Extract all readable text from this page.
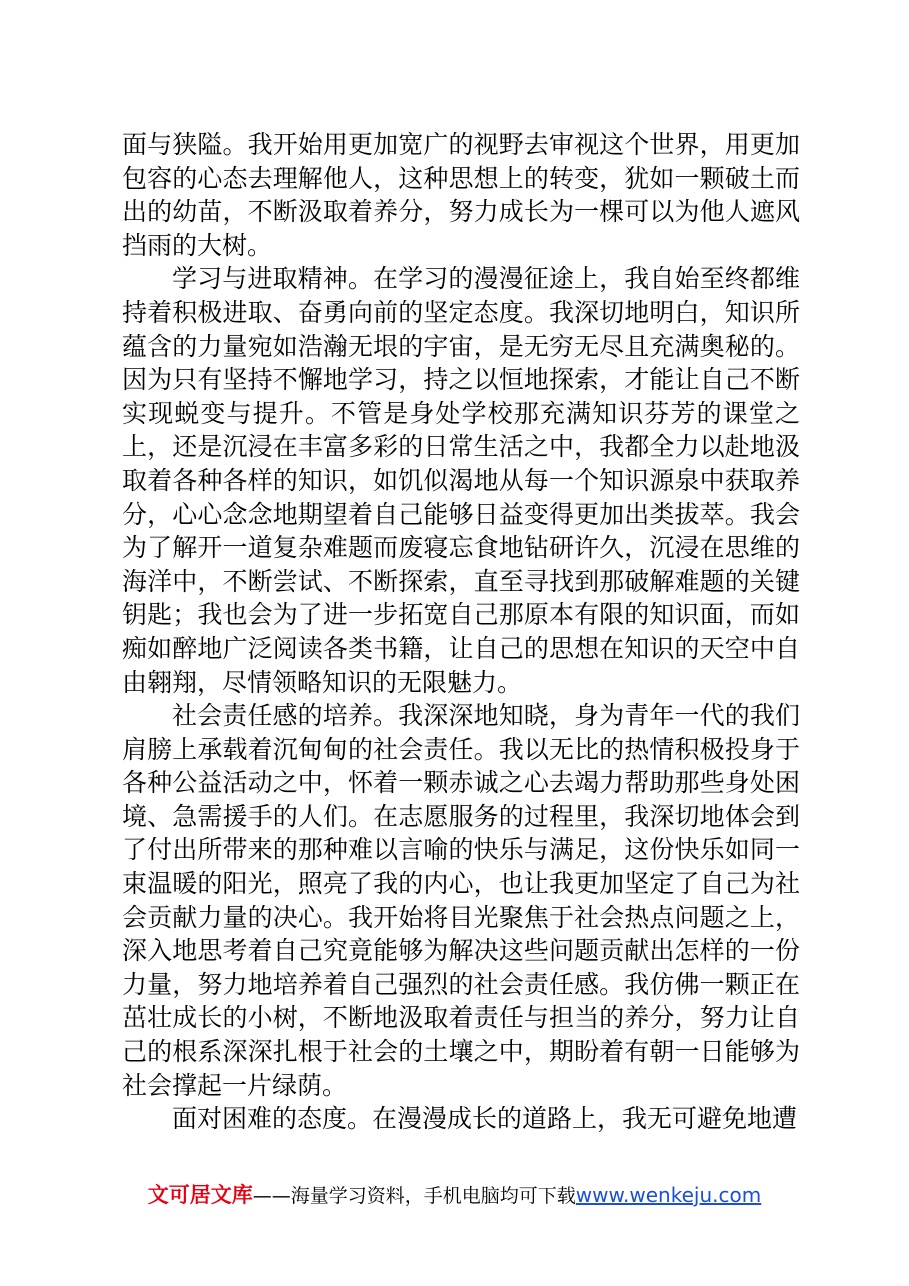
面与狭隘。我开始用更加宽广的视野去审视这个世界，用更加包容的心态去理解他人，这种思想上的转变，犹如一颗破土而出的幼苗，不断汲取着养分，努力成长为一棵可以为他人遮风挡雨的大树。

学习与进取精神。在学习的漫漫征途上，我自始至终都维持着积极进取、奋勇向前的坚定态度。我深切地明白，知识所蕴含的力量宛如浩瀚无垠的宇宙，是无穷无尽且充满奥秘的。因为只有坚持不懈地学习，持之以恒地探索，才能让自己不断实现蜕变与提升。不管是身处学校那充满知识芬芳的课堂之上，还是沉浸在丰富多彩的日常生活之中，我都全力以赴地汲取着各种各样的知识，如饥似渴地从每一个知识源泉中获取养分，心心念念地期望着自己能够日益变得更加出类拔萃。我会为了解开一道复杂难题而废寝忘食地钻研许久，沉浸在思维的海洋中，不断尝试、不断探索，直至寻找到那破解难题的关键钥匙；我也会为了进一步拓宽自己那原本有限的知识面，而如痴如醉地广泛阅读各类书籍，让自己的思想在知识的天空中自由翱翔，尽情领略知识的无限魅力。

社会责任感的培养。我深深地知晓，身为青年一代的我们肩膀上承载着沉甸甸的社会责任。我以无比的热情积极投身于各种公益活动之中，怀着一颗赤诚之心去竭力帮助那些身处困境、急需援手的人们。在志愿服务的过程里，我深切地体会到了付出所带来的那种难以言喻的快乐与满足，这份快乐如同一束温暖的阳光，照亮了我的内心，也让我更加坚定了自己为社会贡献力量的决心。我开始将目光聚焦于社会热点问题之上，深入地思考着自己究竟能够为解决这些问题贡献出怎样的一份力量，努力地培养着自己强烈的社会责任感。我仿佛一颗正在茁壮成长的小树，不断地汲取着责任与担当的养分，努力让自己的根系深深扎根于社会的土壤之中，期盼着有朝一日能够为社会撑起一片绿荫。

面对困难的态度。在漫漫成长的道路上，我无可避免地遭

文可居文库——海量学习资料，手机电脑均可下载www.wenkeju.com
